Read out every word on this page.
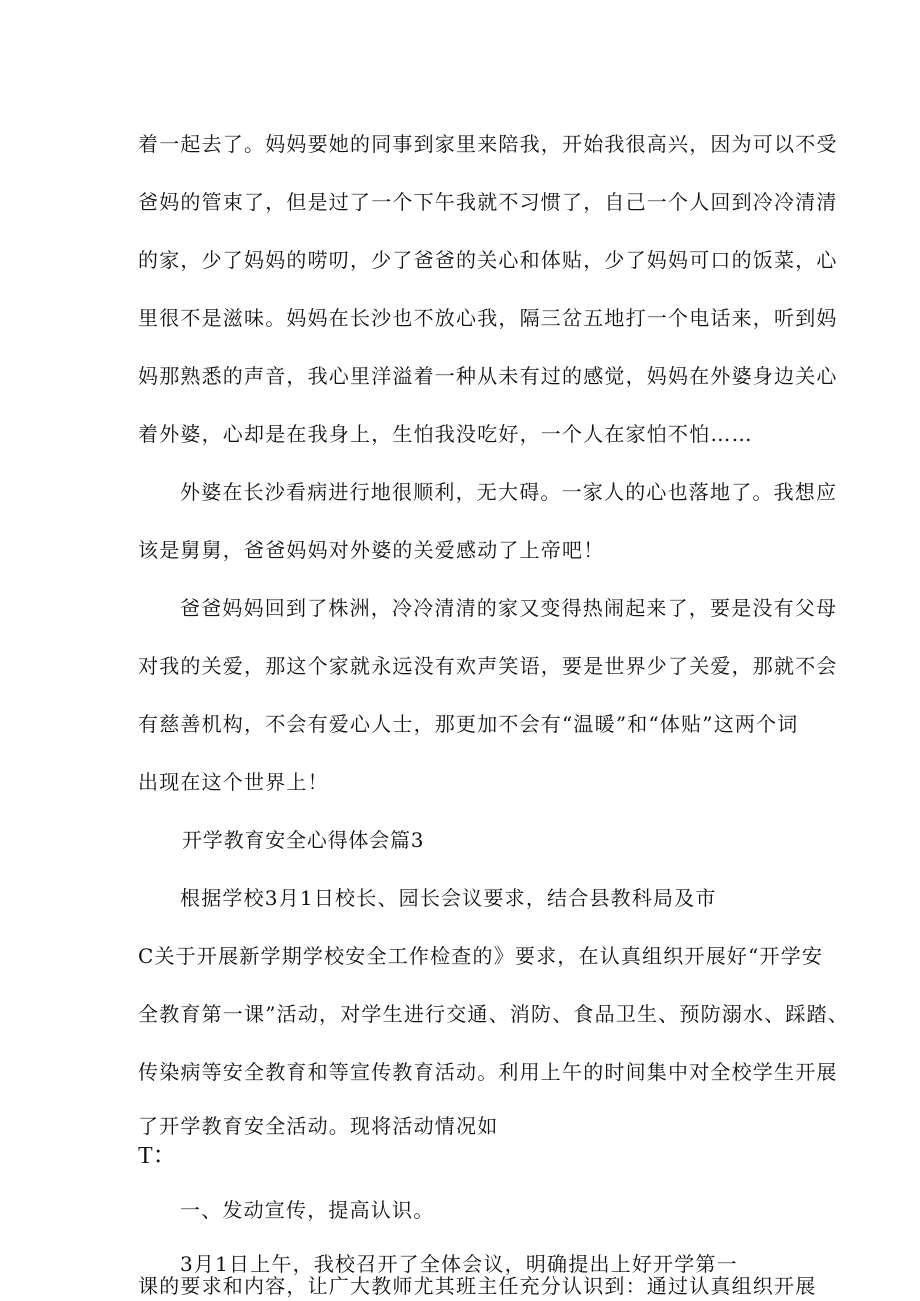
着一起去了。妈妈要她的同事到家里来陪我，开始我很高兴，因为可以不受
爸妈的管束了，但是过了一个下午我就不习惯了，自己一个人回到冷冷清清
的家，少了妈妈的唠叨，少了爸爸的关心和体贴，少了妈妈可口的饭菜，心
里很不是滋味。妈妈在长沙也不放心我，隔三岔五地打一个电话来，听到妈
妈那熟悉的声音，我心里洋溢着一种从未有过的感觉，妈妈在外婆身边关心
着外婆，心却是在我身上，生怕我没吃好，一个人在家怕不怕……
外婆在长沙看病进行地很顺利，无大碍。一家人的心也落地了。我想应
该是舅舅，爸爸妈妈对外婆的关爱感动了上帝吧！
爸爸妈妈回到了株洲，冷冷清清的家又变得热闹起来了，要是没有父母
对我的关爱，那这个家就永远没有欢声笑语，要是世界少了关爱，那就不会
有慈善机构，不会有爱心人士，那更加不会有“温暖”和“体贴”这两个词
出现在这个世界上！
开学教育安全心得体会篇3
根据学校3月1日校长、园长会议要求，结合县教科局及市
C关于开展新学期学校安全工作检查的》要求，在认真组织开展好“开学安
全教育第一课”活动，对学生进行交通、消防、食品卫生、预防溺水、踩踏、
传染病等安全教育和等宣传教育活动。利用上午的时间集中对全校学生开展
了开学教育安全活动。现将活动情况如
T：
一、发动宣传，提高认识。
3月1日上午，我校召开了全体会议，明确提出上好开学第一
课的要求和内容，让广大教师尤其班主任充分认识到：通过认真组织开展
